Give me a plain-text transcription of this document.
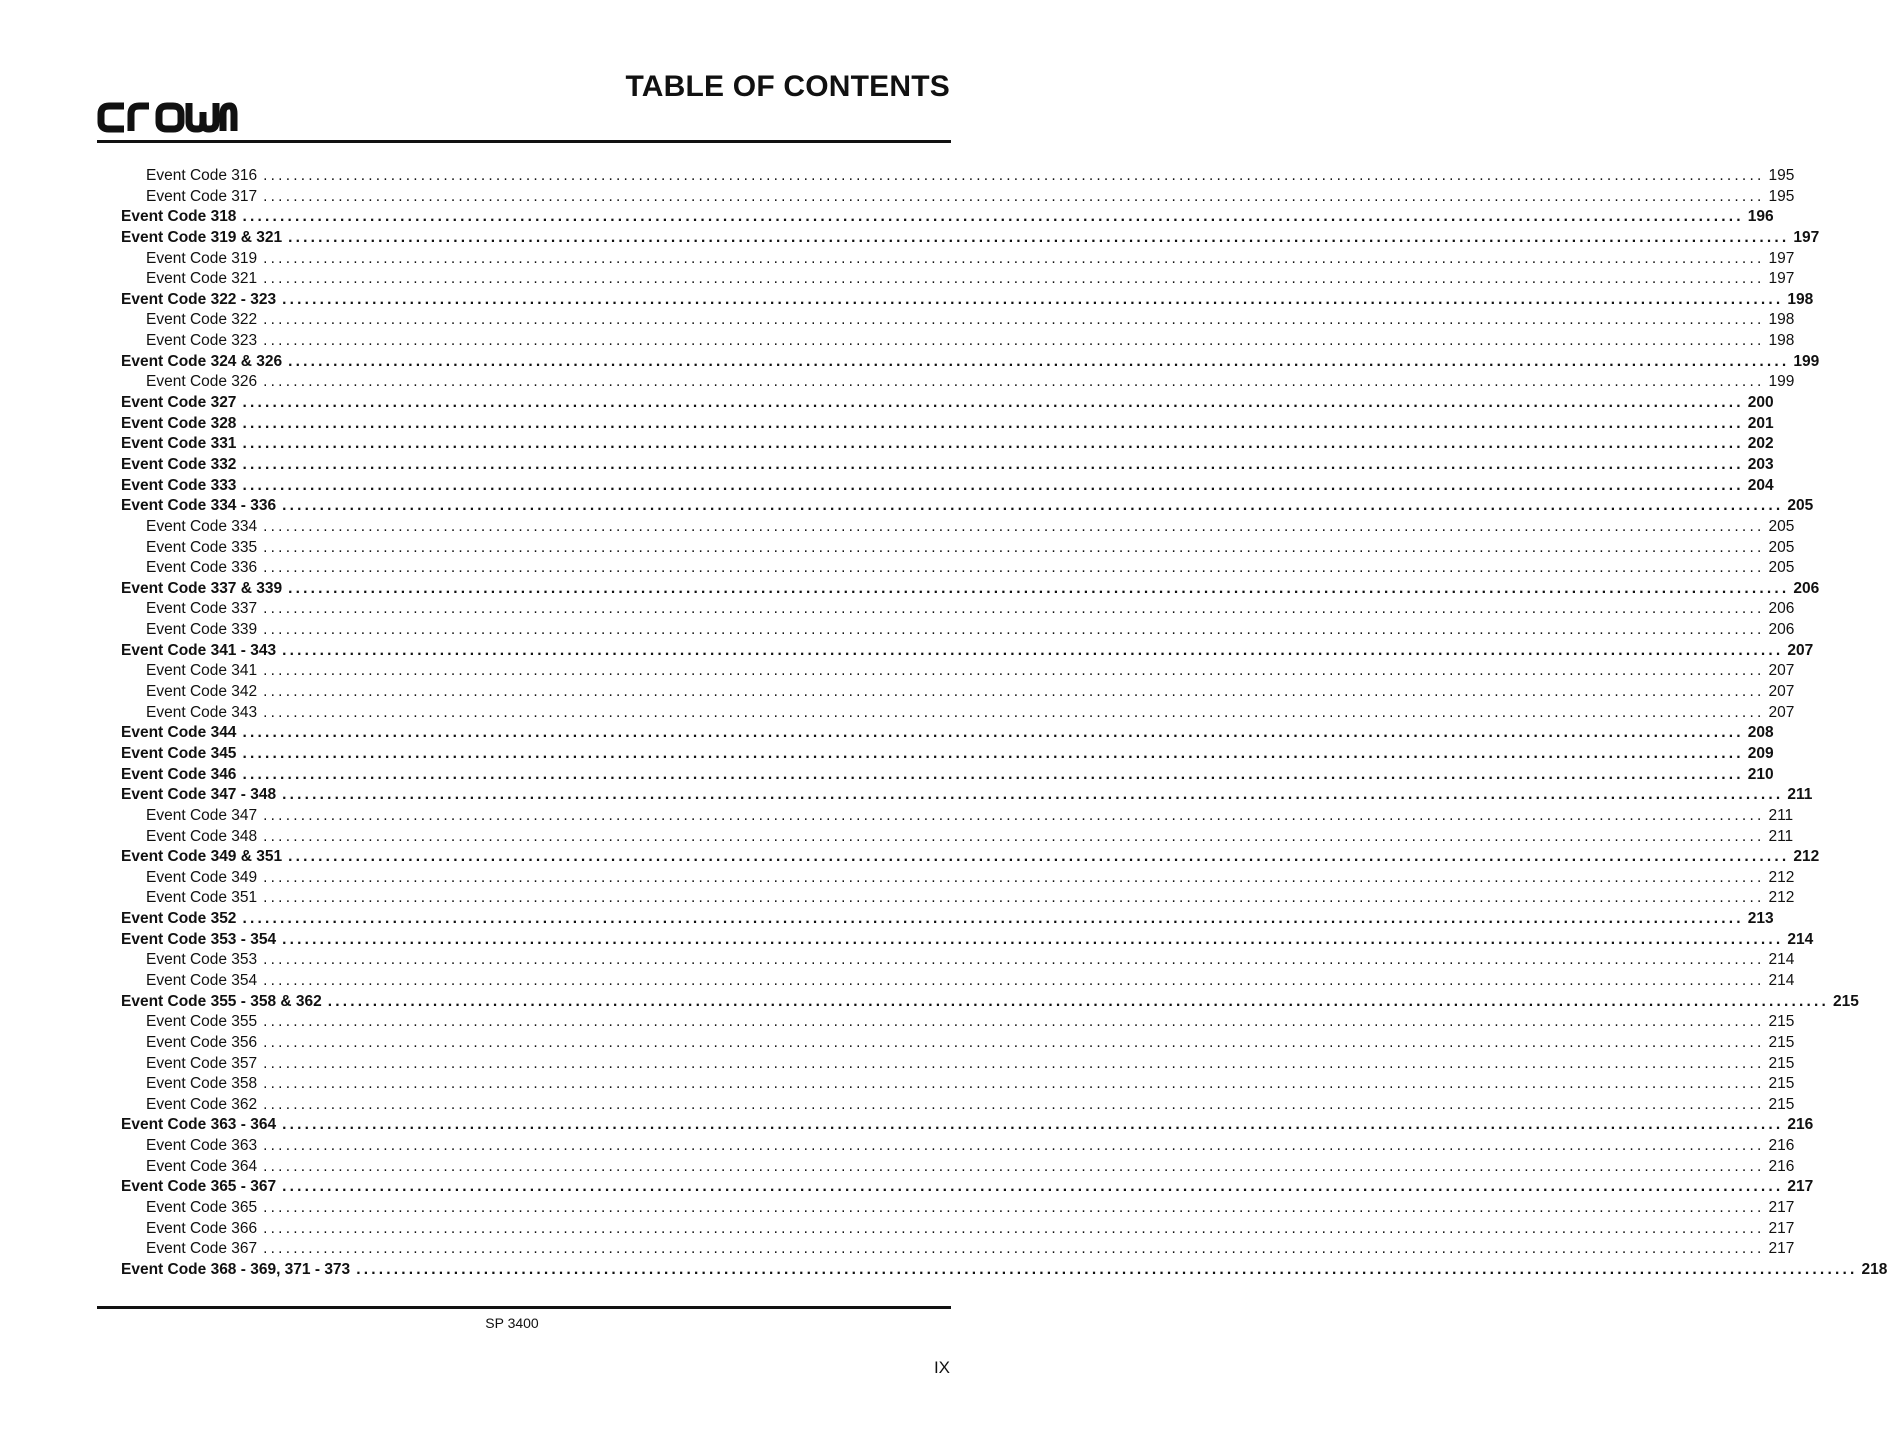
TABLE OF CONTENTS
Event Code 316 ........................................................................................................................................................................................................ 195
Event Code 317 ........................................................................................................................................................................................................ 195
Event Code 318 ........................................................................................................................................................................................................ 196
Event Code 319 & 321 ........................................................................................................................................................................................................ 197
Event Code 319 ........................................................................................................................................................................................................ 197
Event Code 321 ........................................................................................................................................................................................................ 197
Event Code 322 - 323 ........................................................................................................................................................................................................ 198
Event Code 322 ........................................................................................................................................................................................................ 198
Event Code 323 ........................................................................................................................................................................................................ 198
Event Code 324 & 326 ........................................................................................................................................................................................................ 199
Event Code 326 ........................................................................................................................................................................................................ 199
Event Code 327 ........................................................................................................................................................................................................ 200
Event Code 328 ........................................................................................................................................................................................................ 201
Event Code 331 ........................................................................................................................................................................................................ 202
Event Code 332 ........................................................................................................................................................................................................ 203
Event Code 333 ........................................................................................................................................................................................................ 204
Event Code 334 - 336 ........................................................................................................................................................................................................ 205
Event Code 334 ........................................................................................................................................................................................................ 205
Event Code 335 ........................................................................................................................................................................................................ 205
Event Code 336 ........................................................................................................................................................................................................ 205
Event Code 337 & 339 ........................................................................................................................................................................................................ 206
Event Code 337 ........................................................................................................................................................................................................ 206
Event Code 339 ........................................................................................................................................................................................................ 206
Event Code 341 - 343 ........................................................................................................................................................................................................ 207
Event Code 341 ........................................................................................................................................................................................................ 207
Event Code 342 ........................................................................................................................................................................................................ 207
Event Code 343 ........................................................................................................................................................................................................ 207
Event Code 344 ........................................................................................................................................................................................................ 208
Event Code 345 ........................................................................................................................................................................................................ 209
Event Code 346 ........................................................................................................................................................................................................ 210
Event Code 347 - 348 ........................................................................................................................................................................................................ 211
Event Code 347 ........................................................................................................................................................................................................ 211
Event Code 348 ........................................................................................................................................................................................................ 211
Event Code 349 & 351 ........................................................................................................................................................................................................ 212
Event Code 349 ........................................................................................................................................................................................................ 212
Event Code 351 ........................................................................................................................................................................................................ 212
Event Code 352 ........................................................................................................................................................................................................ 213
Event Code 353 - 354 ........................................................................................................................................................................................................ 214
Event Code 353 ........................................................................................................................................................................................................ 214
Event Code 354 ........................................................................................................................................................................................................ 214
Event Code 355 - 358 & 362 ........................................................................................................................................................................................................ 215
Event Code 355 ........................................................................................................................................................................................................ 215
Event Code 356 ........................................................................................................................................................................................................ 215
Event Code 357 ........................................................................................................................................................................................................ 215
Event Code 358 ........................................................................................................................................................................................................ 215
Event Code 362 ........................................................................................................................................................................................................ 215
Event Code 363 - 364 ........................................................................................................................................................................................................ 216
Event Code 363 ........................................................................................................................................................................................................ 216
Event Code 364 ........................................................................................................................................................................................................ 216
Event Code 365 - 367 ........................................................................................................................................................................................................ 217
Event Code 365 ........................................................................................................................................................................................................ 217
Event Code 366 ........................................................................................................................................................................................................ 217
Event Code 367 ........................................................................................................................................................................................................ 217
Event Code 368 - 369, 371 - 373 ........................................................................................................................................................................................................ 218
SP 3400
IX
